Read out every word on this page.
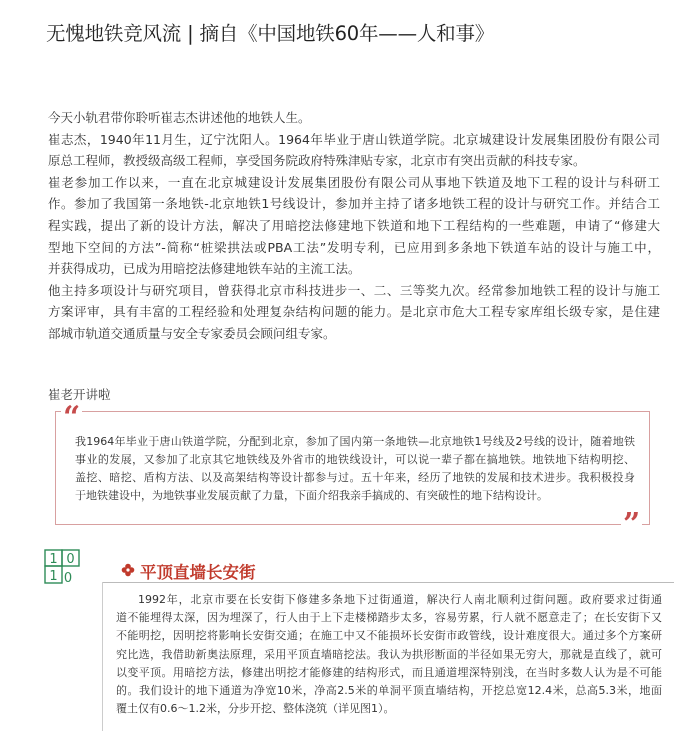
无愧地铁竞风流 | 摘自《中国地铁60年——人和事》
今天小轨君带你聆听崔志杰讲述他的地铁人生。
崔志杰，1940年11月生，辽宁沈阳人。1964年毕业于唐山铁道学院。北京城建设计发展集团股份有限公司
原总工程师，教授级高级工程师，享受国务院政府特殊津贴专家，北京市有突出贡献的科技专家。
崔老参加工作以来，一直在北京城建设计发展集团股份有限公司从事地下铁道及地下工程的设计与科研工
作。参加了我国第一条地铁-北京地铁1号线设计，参加并主持了诸多地铁工程的设计与研究工作。并结合工
程实践，提出了新的设计方法，解决了用暗挖法修建地下铁道和地下工程结构的一些难题，申请了“修建大
型地下空间的方法”-简称“桩梁拱法或PBA工法”发明专利，已应用到多条地下铁道车站的设计与施工中，
并获得成功，已成为用暗挖法修建地铁车站的主流工法。
他主持多项设计与研究项目，曾获得北京市科技进步一、二、三等奖九次。经常参加地铁工程的设计与施工
方案评审，具有丰富的工程经验和处理复杂结构问题的能力。是北京市危大工程专家库组长级专家，是住建
部城市轨道交通质量与安全专家委员会顾问组专家。
崔老开讲啦
“
”
我1964年毕业于唐山铁道学院，分配到北京，参加了国内第一条地铁—北京地铁1号线及2号线的设计，随着地铁
事业的发展，又参加了北京其它地铁线及外省市的地铁线设计，可以说一辈子都在搞地铁。地铁地下结构明挖、
盖挖、暗挖、盾构方法、以及高架结构等设计都参与过。五十年来，经历了地铁的发展和技术进步。我积极投身
于地铁建设中，为地铁事业发展贡献了力量，下面介绍我亲手搞成的、有突破性的地下结构设计。
1 0
1 0	平顶直墙长安街
1992年，北京市要在长安街下修建多条地下过街通道，解决行人南北顺利过街问题。政府要求过街通
道不能埋得太深，因为埋深了，行人由于上下走楼梯踏步太多，容易劳累，行人就不愿意走了；在长安街下又
不能明挖，因明挖将影响长安街交通；在施工中又不能损坏长安街市政管线，设计难度很大。通过多个方案研
究比选，我借助新奥法原理，采用平顶直墙暗挖法。我认为拱形断面的半径如果无穷大，那就是直线了，就可
以变平顶。用暗挖方法，修建出明挖才能修建的结构形式，而且通道埋深特别浅，在当时多数人认为是不可能
的。我们设计的地下通道为净宽10米，净高2.5米的单洞平顶直墙结构，开挖总宽12.4米，总高5.3米，地面
覆土仅有0.6～1.2米，分步开挖、整体浇筑（详见图1）。
